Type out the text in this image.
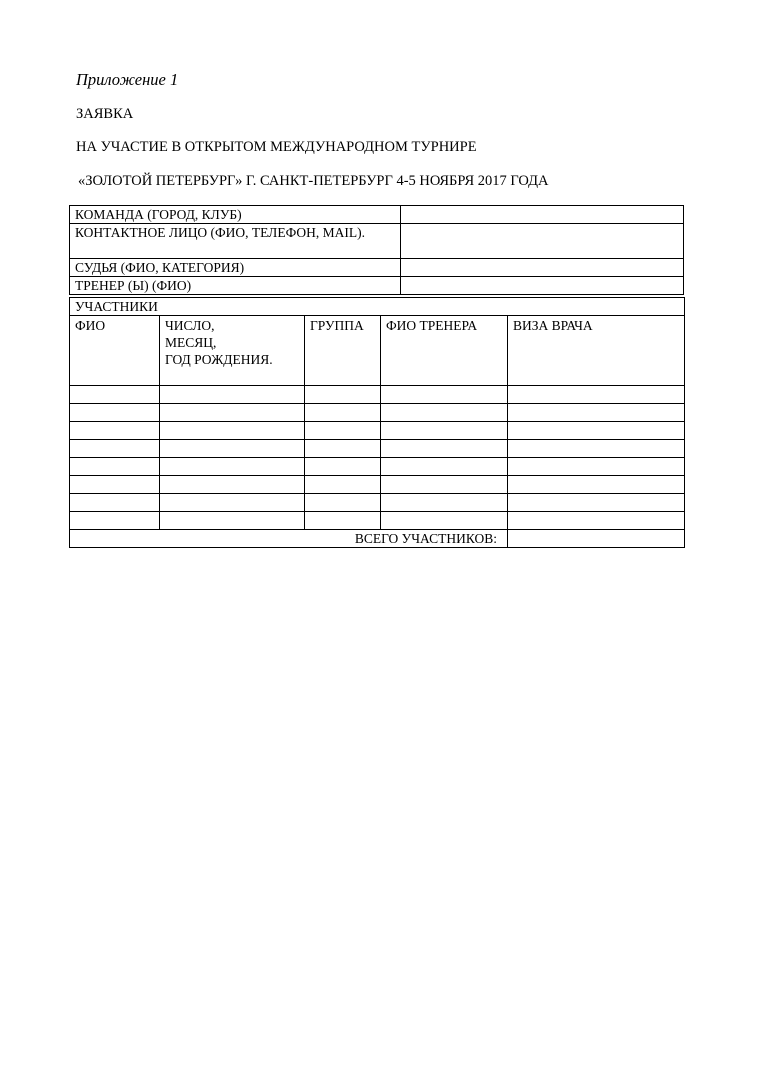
Приложение 1
ЗАЯВКА
НА УЧАСТИЕ В ОТКРЫТОМ МЕЖДУНАРОДНОМ ТУРНИРЕ
«ЗОЛОТОЙ ПЕТЕРБУРГ» Г. САНКТ-ПЕТЕРБУРГ 4-5 НОЯБРЯ 2017 ГОДА
КОМАНДА (ГОРОД, КЛУБ)	
КОНТАКТНОЕ ЛИЦО (ФИО, ТЕЛЕФОН, MAIL).	
СУДЬЯ (ФИО, КАТЕГОРИЯ)	
ТРЕНЕР (Ы) (ФИО)	
УЧАСТНИКИ				
ФИО	ЧИСЛО,
МЕСЯЦ,
ГОД РОЖДЕНИЯ.	ГРУППА	ФИО ТРЕНЕРА	ВИЗА ВРАЧА

ВСЕГО УЧАСТНИКОВ:				
